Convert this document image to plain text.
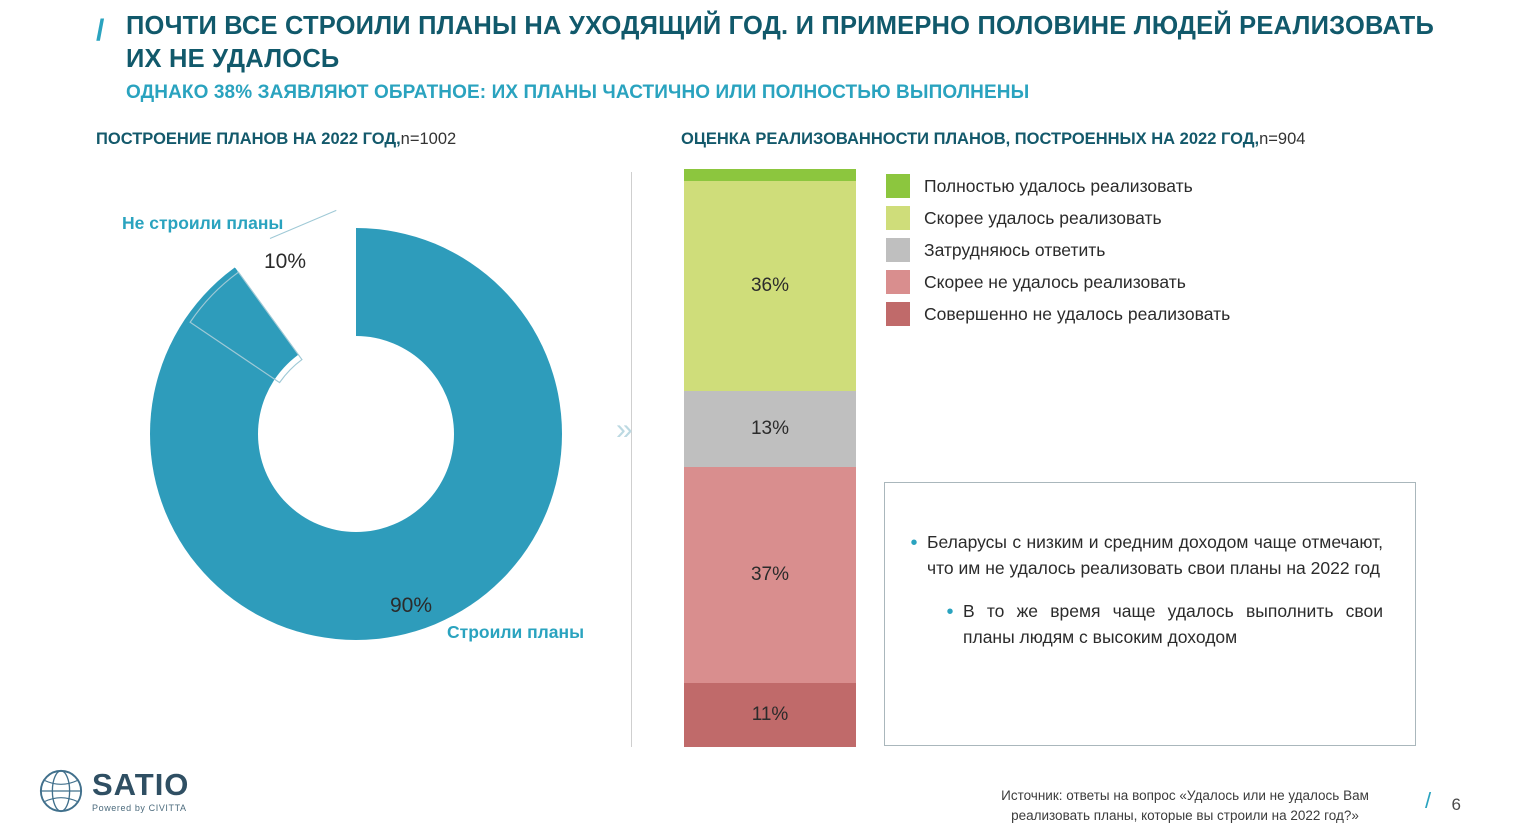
\ ПОЧТИ ВСЕ СТРОИЛИ ПЛАНЫ НА УХОДЯЩИЙ ГОД. И ПРИМЕРНО ПОЛОВИНЕ ЛЮДЕЙ РЕАЛИЗОВАТЬ ИХ НЕ УДАЛОСЬ
ОДНАКО 38% ЗАЯВЛЯЮТ ОБРАТНОЕ: ИХ ПЛАНЫ ЧАСТИЧНО ИЛИ ПОЛНОСТЬЮ ВЫПОЛНЕНЫ
ПОСТРОЕНИЕ ПЛАНОВ НА 2022 ГОД,n=1002	ОЦЕНКА РЕАЛИЗОВАННОСТИ ПЛАНОВ, ПОСТРОЕННЫХ НА 2022 ГОД,n=904
»
10%
90%
Не строили планы
Строили планы
36%
13%
37%
11%
Полностью удалось реализовать
Скорее удалось реализовать
Затрудняюсь ответить
Скорее не удалось реализовать
Совершенно не удалось реализовать
• Беларусы с низким и средним доходом чаще отмечают, что им не удалось реализовать свои планы на 2022 год
• В то же время чаще удалось выполнить свои планы людям с высоким доходом
SATIO
Powered by CIVITTA
Источник: ответы на вопрос «Удалось или не удалось Вам реализовать планы, которые вы строили на 2022 год?»
\ 6
